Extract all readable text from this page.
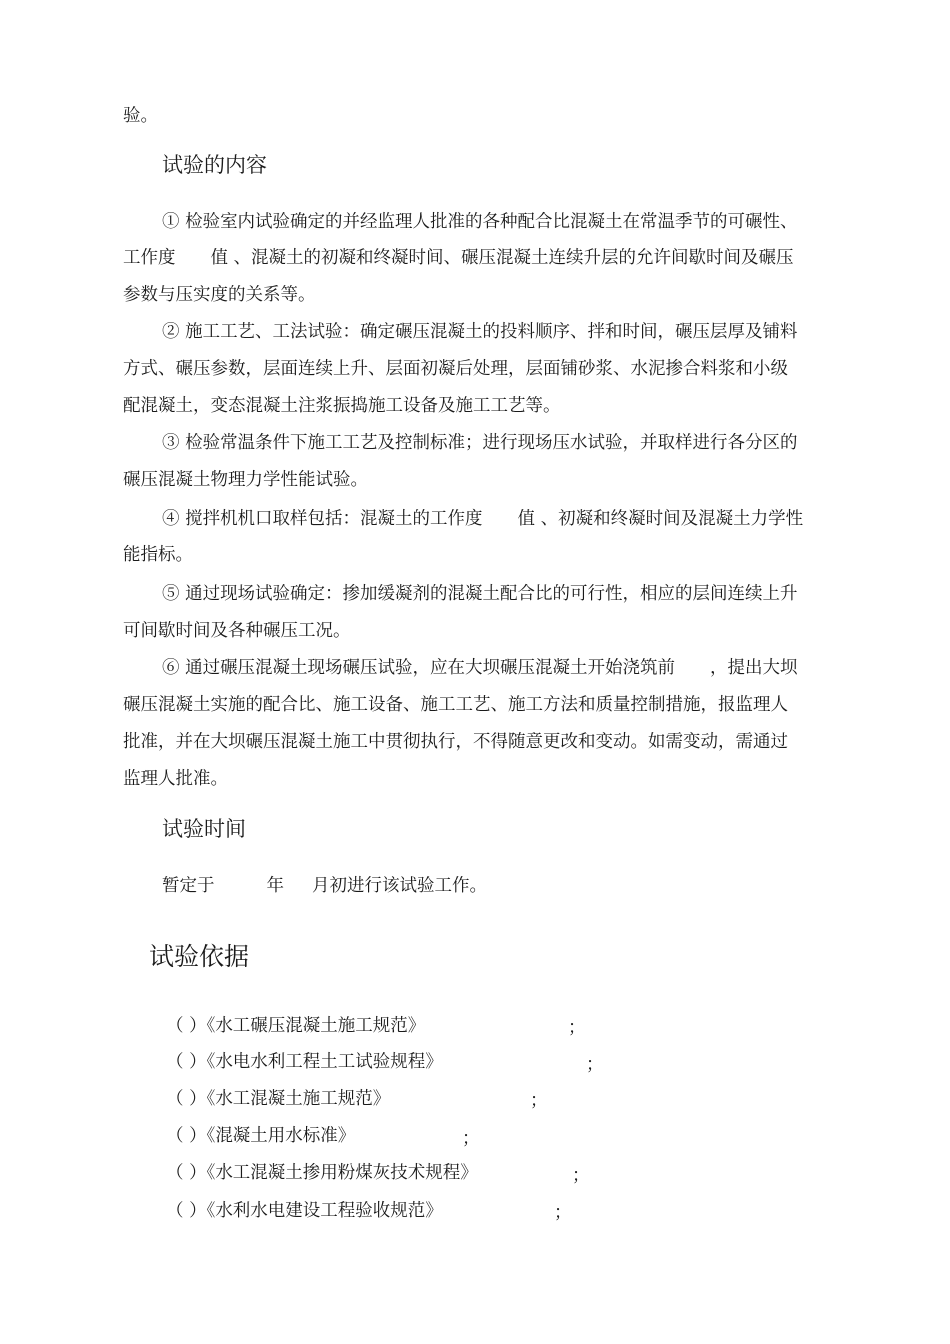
验。
试验的内容
① 检验室内试验确定的并经监理人批准的各种配合比混凝土在常温季节的可碾性、
工作度　　值 、混凝土的初凝和终凝时间、碾压混凝土连续升层的允许间歇时间及碾压
参数与压实度的关系等。
② 施工工艺、工法试验：确定碾压混凝土的投料顺序、拌和时间，碾压层厚及铺料
方式、碾压参数，层面连续上升、层面初凝后处理，层面铺砂浆、水泥掺合料浆和小级
配混凝土，变态混凝土注浆振捣施工设备及施工工艺等。
③ 检验常温条件下施工工艺及控制标准；进行现场压水试验，并取样进行各分区的
碾压混凝土物理力学性能试验。
④ 搅拌机机口取样包括：混凝土的工作度　　值 、初凝和终凝时间及混凝土力学性
能指标。
⑤ 通过现场试验确定：掺加缓凝剂的混凝土配合比的可行性，相应的层间连续上升
可间歇时间及各种碾压工况。
⑥ 通过碾压混凝土现场碾压试验，应在大坝碾压混凝土开始浇筑前　　，提出大坝
碾压混凝土实施的配合比、施工设备、施工工艺、施工方法和质量控制措施，报监理人
批准，并在大坝碾压混凝土施工中贯彻执行，不得随意更改和变动。如需变动，需通过
监理人批准。
试验时间
暂定于	年 月初进行该试验工作。
试验依据
（ ）《水工碾压混凝土施工规范》	；
（ ）《水电水利工程土工试验规程》	；
（ ）《水工混凝土施工规范》	；
（ ）《混凝土用水标准》	；
（ ）《水工混凝土掺用粉煤灰技术规程》	；
（ ）《水利水电建设工程验收规范》	；
